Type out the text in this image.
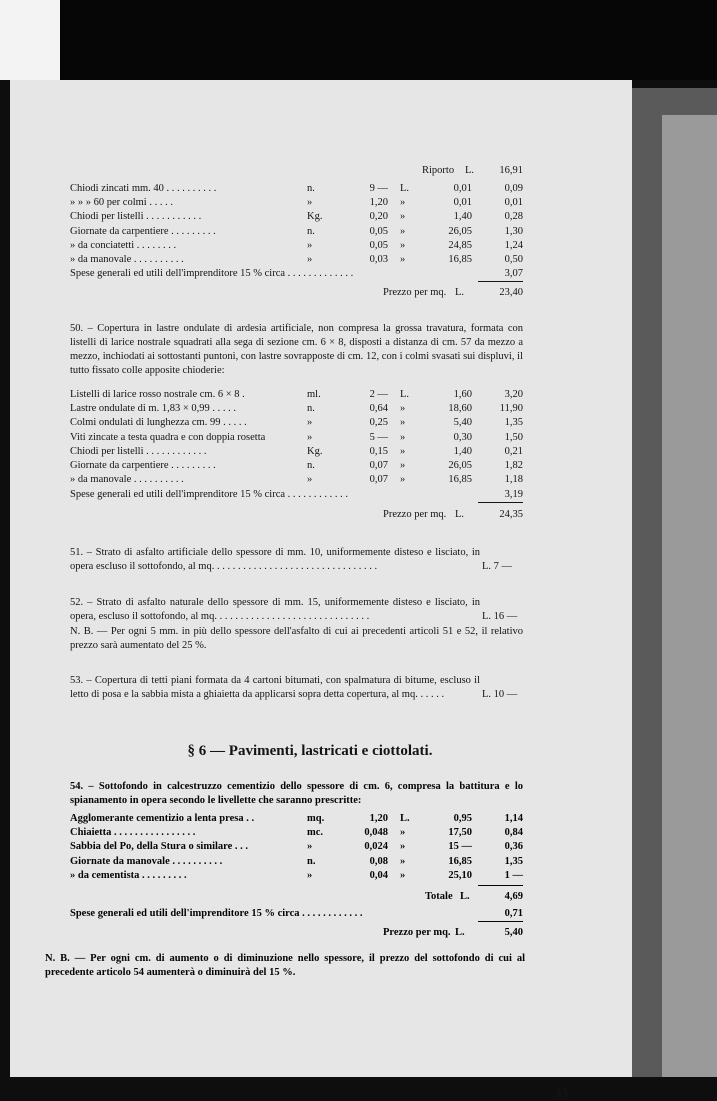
Riporto L.	16,91
Chiodi zincati mm. 40 . . . . . . . . . .	n.	9 — L.	0,01	0,09
» » » 60 per colmi . . . . .	»	1,20 »	0,01	0,01
Chiodi per listelli . . . . . . . . . . .	Kg.	0,20 »	1,40	0,28
Giornate da carpentiere . . . . . . . . .	n.	0,05 »	26,05	1,30
» da conciatetti . . . . . . . .	»	0,05 »	24,85	1,24
» da manovale . . . . . . . . . .	»	0,03 »	16,85	0,50
Spese generali ed utili dell'imprenditore 15 % circa . . . . . . . . . . . . .	3,07
Prezzo per mq. L.	23,40
50. – Copertura in lastre ondulate di ardesia artificiale, non compresa la grossa travatura, formata con listelli di larice nostrale squadrati alla sega di sezione cm. 6 × 8, disposti a distanza di cm. 57 da mezzo a mezzo, inchiodati ai sottostanti puntoni, con lastre sovrapposte di cm. 12, con i colmi svasati sui displuvi, il tutto fissato colle apposite chioderie:
Listelli di larice rosso nostrale cm. 6 × 8 .	ml.	2 — L.	1,60	3,20
Lastre ondulate di m. 1,83 × 0,99 . . . . .	n.	0,64 »	18,60	11,90
Colmi ondulati di lunghezza cm. 99 . . . . .	»	0,25 »	5,40	1,35
Viti zincate a testa quadra e con doppia rosetta	»	5 — »	0,30	1,50
Chiodi per listelli . . . . . . . . . . . .	Kg.	0,15 »	1,40	0,21
Giornate da carpentiere . . . . . . . . .	n.	0,07 »	26,05	1,82
» da manovale . . . . . . . . . .	»	0,07 »	16,85	1,18
Spese generali ed utili dell'imprenditore 15 % circa . . . . . . . . . . . .	3,19
Prezzo per mq. L.	24,35
51. – Strato di asfalto artificiale dello spessore di mm. 10, uniformemente disteso e lisciato, in opera escluso il sottofondo, al mq. . . . . . . . . . . . . . . . . . . . . . . . . . . . . . . .	L. 7 —
52. – Strato di asfalto naturale dello spessore di mm. 15, uniformemente disteso e lisciato, in opera, escluso il sottofondo, al mq. . . . . . . . . . . . . . . . . . . . . . . . . . . . . .	L. 16 —
N. B. — Per ogni 5 mm. in più dello spessore dell'asfalto di cui ai precedenti articoli 51 e 52, il relativo prezzo sarà aumentato del 25 %.
53. – Copertura di tetti piani formata da 4 cartoni bitumati, con spalmatura di bitume, escluso il letto di posa e la sabbia mista a ghiaietta da applicarsi sopra detta copertura, al mq. . . . . .	L. 10 —
§ 6 — Pavimenti, lastricati e ciottolati.
54. – Sottofondo in calcestruzzo cementizio dello spessore di cm. 6, compresa la battitura e lo spianamento in opera secondo le livellette che saranno prescritte:
Agglomerante cementizio a lenta presa . .	mq.	1,20 L.	0,95	1,14
Chiaietta . . . . . . . . . . . . . . . .	mc.	0,048 »	17,50	0,84
Sabbia del Po, della Stura o similare . . .	»	0,024 »	15 —	0,36
Giornate da manovale . . . . . . . . . .	n.	0,08 »	16,85	1,35
» da cementista . . . . . . . . .	»	0,04 »	25,10	1 —
Totale L.	4,69
Spese generali ed utili dell'imprenditore 15 % circa . . . . . . . . . . . .	0,71
Prezzo per mq. L.	5,40
N. B. — Per ogni cm. di aumento o di diminuzione nello spessore, il prezzo del sottofondo di cui al precedente articolo 54 aumenterà o diminuirà del 15 %.
33
